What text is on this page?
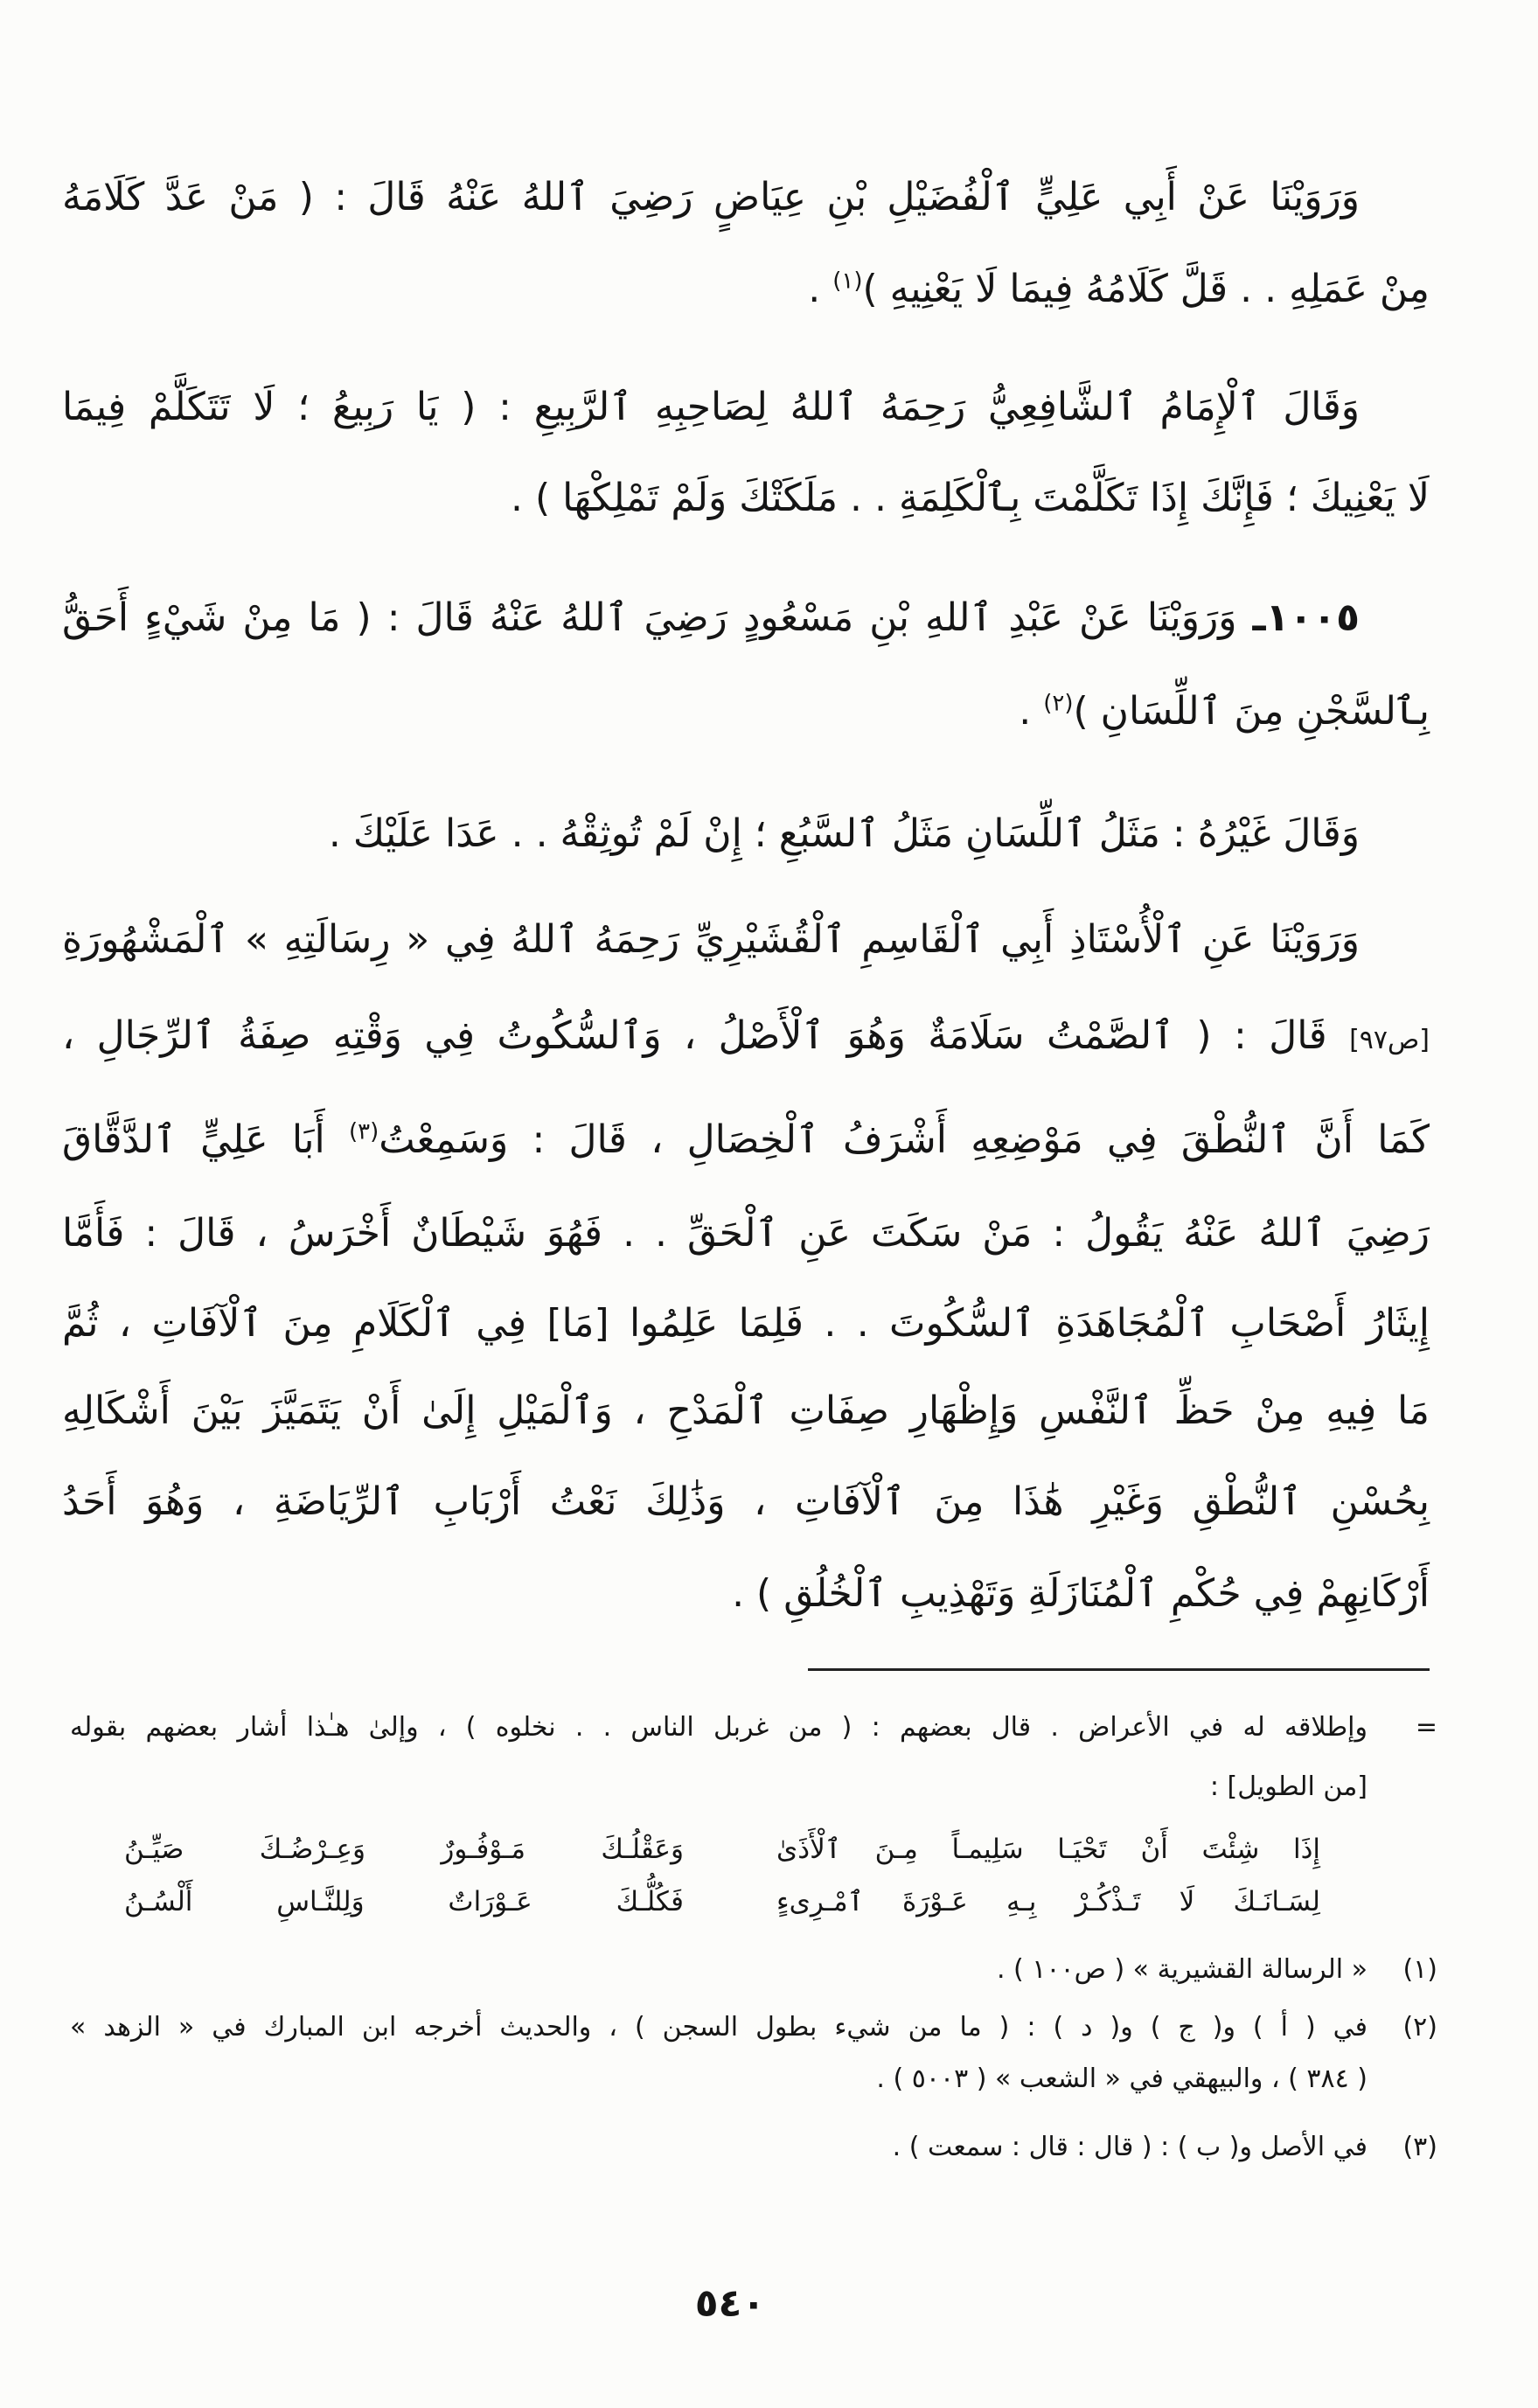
وَرَوَيْنَا عَنْ أَبِي عَلِيٍّ ٱلْفُضَيْلِ بْنِ عِيَاضٍ رَضِيَ ٱللهُ عَنْهُ قَالَ : ( مَنْ عَدَّ كَلَامَهُ
مِنْ عَمَلِهِ . . قَلَّ كَلَامُهُ فِيمَا لَا يَعْنِيهِ )$^{(١)}$ .
وَقَالَ ٱلْإِمَامُ ٱلشَّافِعِيُّ رَحِمَهُ ٱللهُ لِصَاحِبِهِ ٱلرَّبِيعِ : ( يَا رَبِيعُ ؛ لَا تَتَكَلَّمْ فِيمَا
لَا يَعْنِيكَ ؛ فَإِنَّكَ إِذَا تَكَلَّمْتَ بِٱلْكَلِمَةِ . . مَلَكَتْكَ وَلَمْ تَمْلِكْهَا ) .
١٠٠٥ـ وَرَوَيْنَا عَنْ عَبْدِ ٱللهِ بْنِ مَسْعُودٍ رَضِيَ ٱللهُ عَنْهُ قَالَ : ( مَا مِنْ شَيْءٍ أَحَقُّ
بِٱلسَّجْنِ مِنَ ٱللِّسَانِ )$^{(٢)}$ .
وَقَالَ غَيْرُهُ : مَثَلُ ٱللِّسَانِ مَثَلُ ٱلسَّبُعِ ؛ إِنْ لَمْ تُوثِقْهُ . . عَدَا عَلَيْكَ .
وَرَوَيْنَا عَنِ ٱلْأُسْتَاذِ أَبِي ٱلْقَاسِمِ ٱلْقُشَيْرِيِّ رَحِمَهُ ٱللهُ فِي « رِسَالَتِهِ » ٱلْمَشْهُورَةِ
[ص٩٧] قَالَ : ( ٱلصَّمْتُ سَلَامَةٌ وَهُوَ ٱلْأَصْلُ ، وَٱلسُّكُوتُ فِي وَقْتِهِ صِفَةُ ٱلرِّجَالِ ،
كَمَا أَنَّ ٱلنُّطْقَ فِي مَوْضِعِهِ أَشْرَفُ ٱلْخِصَالِ ، قَالَ : وَسَمِعْتُ$^{(٣)}$ أَبَا عَلِيٍّ ٱلدَّقَّاقَ
رَضِيَ ٱللهُ عَنْهُ يَقُولُ : مَنْ سَكَتَ عَنِ ٱلْحَقِّ . . فَهُوَ شَيْطَانٌ أَخْرَسُ ، قَالَ : فَأَمَّا
إِيثَارُ أَصْحَابِ ٱلْمُجَاهَدَةِ ٱلسُّكُوتَ . . فَلِمَا عَلِمُوا [مَا] فِي ٱلْكَلَامِ مِنَ ٱلْآفَاتِ ، ثُمَّ
مَا فِيهِ مِنْ حَظِّ ٱلنَّفْسِ وَإِظْهَارِ صِفَاتِ ٱلْمَدْحِ ، وَٱلْمَيْلِ إِلَىٰ أَنْ يَتَمَيَّزَ بَيْنَ أَشْكَالِهِ
بِحُسْنِ ٱلنُّطْقِ وَغَيْرِ هَٰذَا مِنَ ٱلْآفَاتِ ، وَذَٰلِكَ نَعْتُ أَرْبَابِ ٱلرِّيَاضَةِ ، وَهُوَ أَحَدُ
أَرْكَانِهِمْ فِي حُكْمِ ٱلْمُنَازَلَةِ وَتَهْذِيبِ ٱلْخُلُقِ ) .
=
وإطلاقه له في الأعراض . قال بعضهم : ( من غربل الناس . . نخلوه ) ، وإلىٰ هـٰذا أشار بعضهم بقوله
[من الطويل] :
إِذَا شِئْتَ أَنْ تَحْيَـا سَلِيمـاً مِـنَ ٱلْأَذَىٰ
وَعَقْلُـكَ مَـوْفُـورٌ وَعِـرْضُـكَ صَيِّـنُ
لِسَـانَـكَ لَا تَـذْكُـرْ بِـهِ عَـوْرَةَ ٱمْـرِىءٍ
فَكُلُّـكَ عَـوْرَاتٌ وَلِلنَّـاسِ أَلْسُـنُ
(١)
« الرسالة القشيرية » ( ص١٠٠ ) .
(٢)
في ( أ ) و( ج ) و( د ) : ( ما من شيء بطول السجن ) ، والحديث أخرجه ابن المبارك في « الزهد »
( ٣٨٤ ) ، والبيهقي في « الشعب » ( ٥٠٠٣ ) .
(٣)
في الأصل و( ب ) : ( قال : قال : سمعت ) .
٥٤٠
